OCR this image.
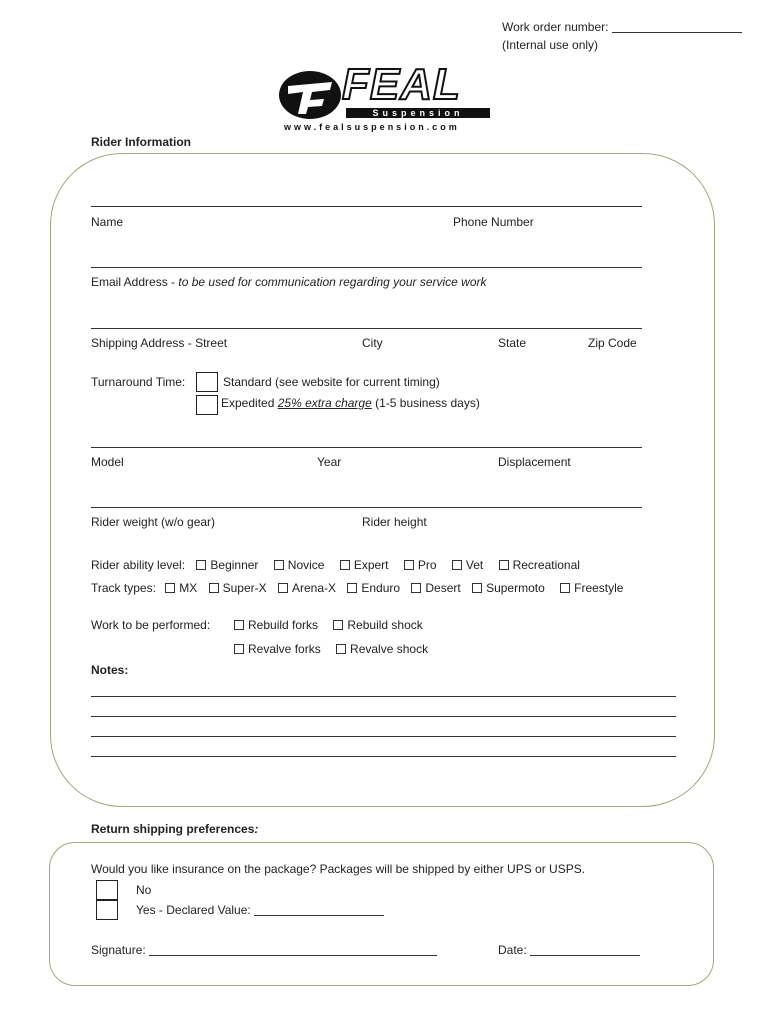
Work order number:
(Internal use only)
FEAL
Suspension
www.fealsuspension.com
Rider Information
Name	Phone Number
Email Address - to be used for communication regarding your service work
Shipping Address - Street	City	State	Zip Code
Turnaround Time:	Standard (see website for current timing)
Expedited 25% extra charge (1-5 business days)
Model	Year	Displacement
Rider weight (w/o gear)	Rider height
Rider ability level: Beginner Novice Expert Pro Vet Recreational
Track types: MX Super-X Arena-X Enduro Desert Supermoto Freestyle
Work to be performed:	Rebuild forks Rebuild shock
Revalve forks Revalve shock
Notes:
Return shipping preferences:
Would you like insurance on the package? Packages will be shipped by either UPS or USPS.
No
Yes - Declared Value:
Signature:	Date:
